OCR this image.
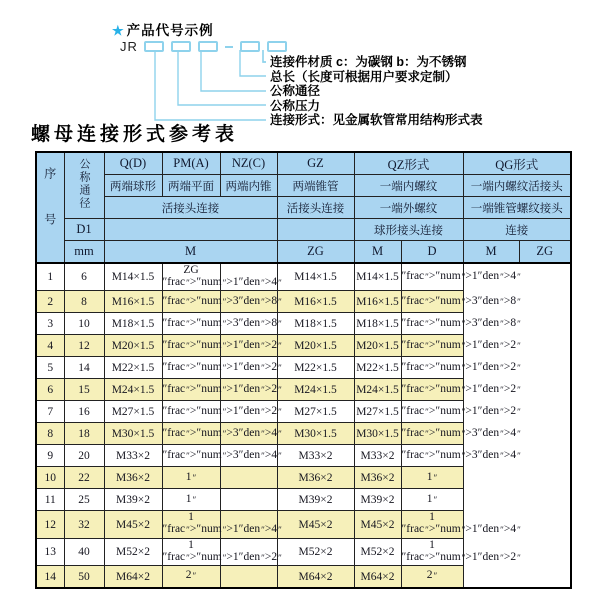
★ 产品代号示例
JR
连接件材质 c：为碳钢 b：为不锈钢
总长（长度可根据用户要求定制）
公称通径
公称压力
连接形式：见金属软管常用结构形式表
螺母连接形式参考表
序号	公称通径	Q(D)	PM(A)	NZ(C)	GZ	QZ形式		QG形式	
		两端球形	两端平面	两端内锥	两端锥管	一端内螺纹		一端内螺纹活接头	
		活接头连接			活接头连接	一端外螺纹		一端锥管螺纹接头	
	D1					球形接头连接		连接	
	mm	M			ZG	M	D	M	ZG
1	6	M14×1.5	ZG ″frac″>″num″ ″ ″ ″		M14×1.5	M14×1.5	″frac″>″num″>1″den″>4″
2	8	M16×1.5	″frac″>″num″ ″ ″ ″		M16×1.5	M16×1.5	″frac″>″num″>3″den″>8″
3	10	M18×1.5	″frac″>″num″ ″ ″ ″		M18×1.5	M18×1.5	″frac″>″num″>3″den″>8″
4	12	M20×1.5	″frac″>″num″ ″ ″ ″		M20×1.5	M20×1.5	″frac″>″num″>1″den″>2″
5	14	M22×1.5	″frac″>″num″ ″ ″ ″		M22×1.5	M22×1.5	″frac″>″num″>1″den″>2″
6	15	M24×1.5	″frac″>″num″ ″ ″ ″		M24×1.5	M24×1.5	″frac″>″num″>1″den″>2″
7	16	M27×1.5	″frac″>″num″ ″ ″ ″		M27×1.5	M27×1.5	″frac″>″num″>1″den″>2″
8	18	M30×1.5	″frac″>″num″ ″ ″ ″		M30×1.5	M30×1.5	″frac″>″num″>3″den″>4″
9	20	M33×2	″frac″>″num″ ″ ″ ″		M33×2	M33×2	″frac″>″num″>3″den″>4″
10	22	M36×2	1″		M36×2	M36×2	1″
11	25	M39×2	1″		M39×2	M39×2	1″
12	32	M45×2	1 ″frac″>″num″ ″ ″ ″		M45×2	M45×2	1 ″frac″>″num″>1″den″>4″
13	40	M52×2	1 ″frac″>″num″ ″ ″ ″		M52×2	M52×2	1 ″frac″>″num″>1″den″>2″
14	50	M64×2	2″		M64×2	M64×2	2″
